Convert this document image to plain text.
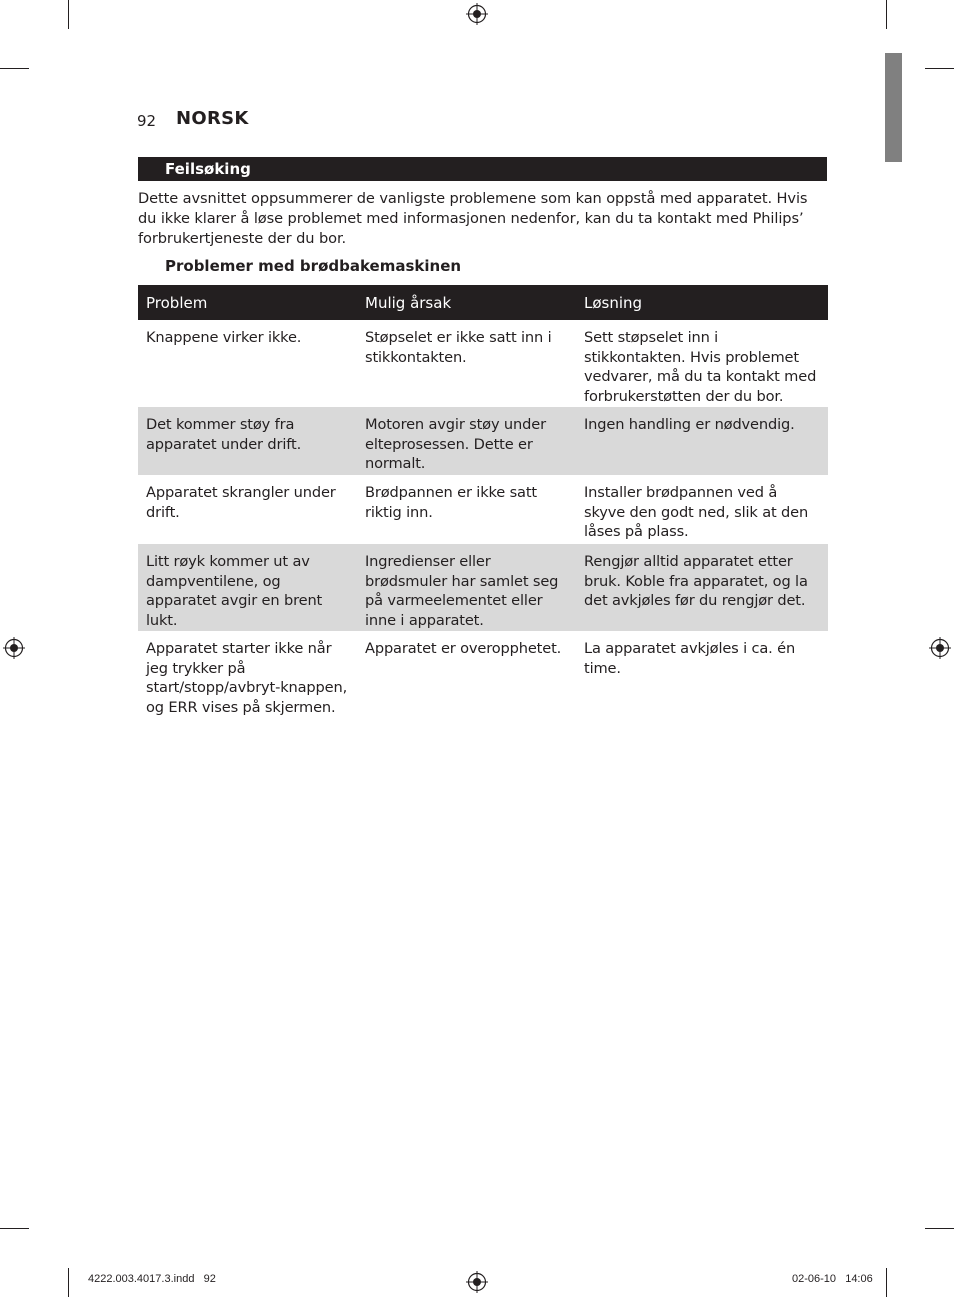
92 NORSK
Feilsøking

Dette avsnittet oppsummerer de vanligste problemene som kan oppstå med apparatet. Hvis du ikke klarer å løse problemet med informasjonen nedenfor, kan du ta kontakt med Philips’ forbrukertjeneste der du bor.

Problemer med brødbakemaskinen
Problem	Mulig årsak	Løsning
Knappene virker ikke.	Støpselet er ikke satt inn i stikkontakten.	Sett støpselet inn i stikkontakten. Hvis problemet vedvarer, må du ta kontakt med forbrukerstøtten der du bor.
Det kommer støy fra apparatet under drift.	Motoren avgir støy under elteprosessen. Dette er normalt.	Ingen handling er nødvendig.
Apparatet skrangler under drift.	Brødpannen er ikke satt riktig inn.	Installer brødpannen ved å skyve den godt ned, slik at den låses på plass.
Litt røyk kommer ut av dampventilene, og apparatet avgir en brent lukt.	Ingredienser eller brødsmuler har samlet seg på varmeelementet eller inne i apparatet.	Rengjør alltid apparatet etter bruk. Koble fra apparatet, og la det avkjøles før du rengjør det.
Apparatet starter ikke når jeg trykker på start/stopp/avbryt-knappen, og ERR vises på skjermen.	Apparatet er overopphetet.	La apparatet avkjøles i ca. én time.
4222.003.4017.3.indd   92	02-06-10   14:06
